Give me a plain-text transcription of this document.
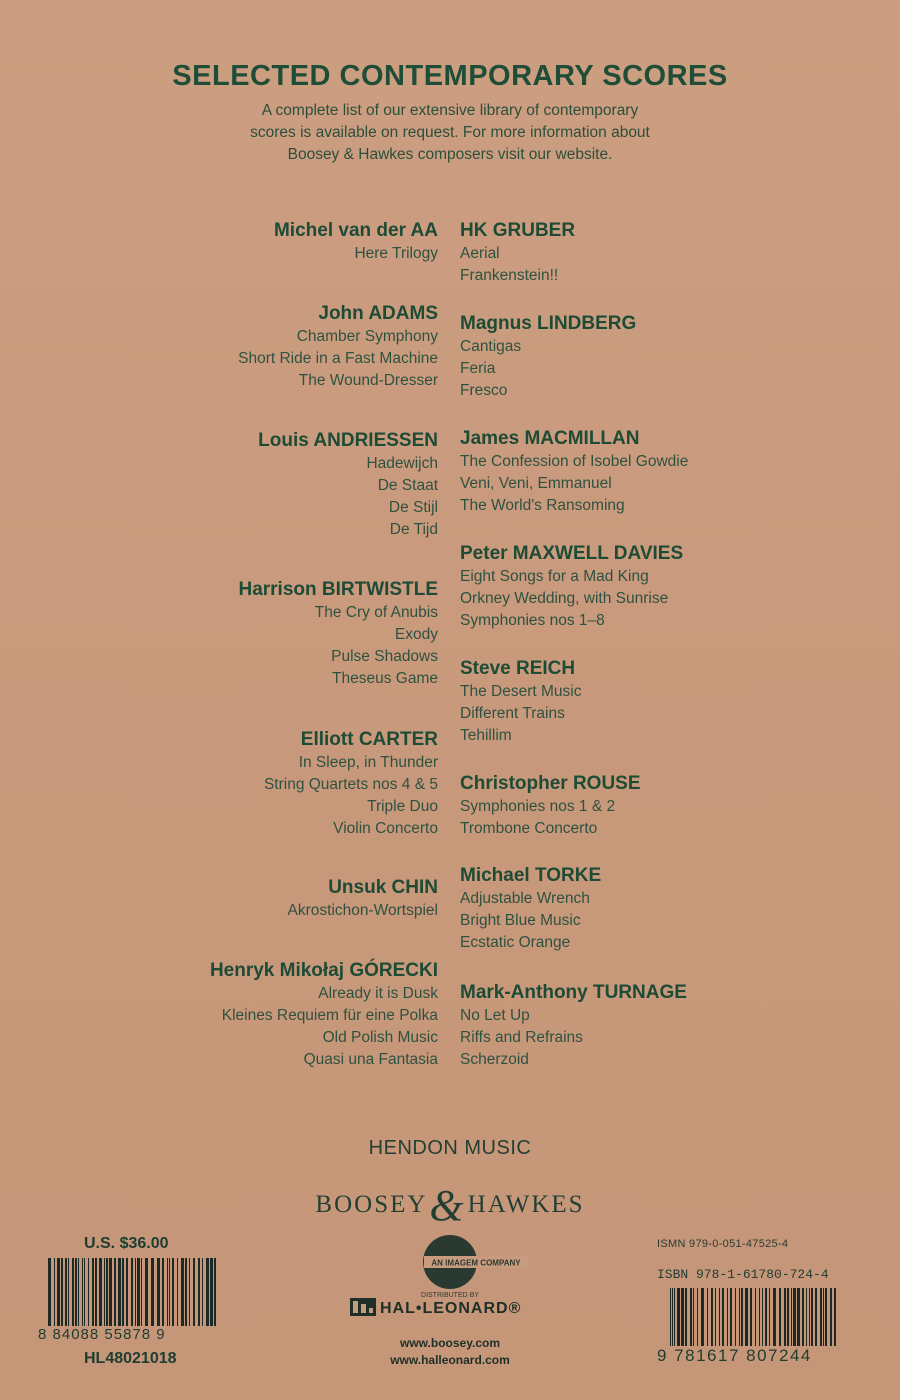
SELECTED CONTEMPORARY SCORES
A complete list of our extensive library of contemporary
scores is available on request. For more information about
Boosey & Hawkes composers visit our website.
Michel van der AA
Here Trilogy
John ADAMS
Chamber Symphony
Short Ride in a Fast Machine
The Wound-Dresser
Louis ANDRIESSEN
Hadewijch
De Staat
De Stijl
De Tijd
Harrison BIRTWISTLE
The Cry of Anubis
Exody
Pulse Shadows
Theseus Game
Elliott CARTER
In Sleep, in Thunder
String Quartets nos 4 & 5
Triple Duo
Violin Concerto
Unsuk CHIN
Akrostichon-Wortspiel
Henryk Mikołaj GÓRECKI
Already it is Dusk
Kleines Requiem für eine Polka
Old Polish Music
Quasi una Fantasia
HK GRUBER
Aerial
Frankenstein!!
Magnus LINDBERG
Cantigas
Feria
Fresco
James MACMILLAN
The Confession of Isobel Gowdie
Veni, Veni, Emmanuel
The World's Ransoming
Peter MAXWELL DAVIES
Eight Songs for a Mad King
Orkney Wedding, with Sunrise
Symphonies nos 1–8
Steve REICH
The Desert Music
Different Trains
Tehillim
Christopher ROUSE
Symphonies nos 1 & 2
Trombone Concerto
Michael TORKE
Adjustable Wrench
Bright Blue Music
Ecstatic Orange
Mark-Anthony TURNAGE
No Let Up
Riffs and Refrains
Scherzoid
HENDON MUSIC
BOOSEY&HAWKES
AN IMAGEM COMPANY
DISTRIBUTED BY
HAL•LEONARD®
www.boosey.com
www.halleonard.com
U.S. $36.00
8 84088 55878 9
HL48021018
ISMN 979-0-051-47525-4
ISBN 978-1-61780-724-4
9 781617 807244
